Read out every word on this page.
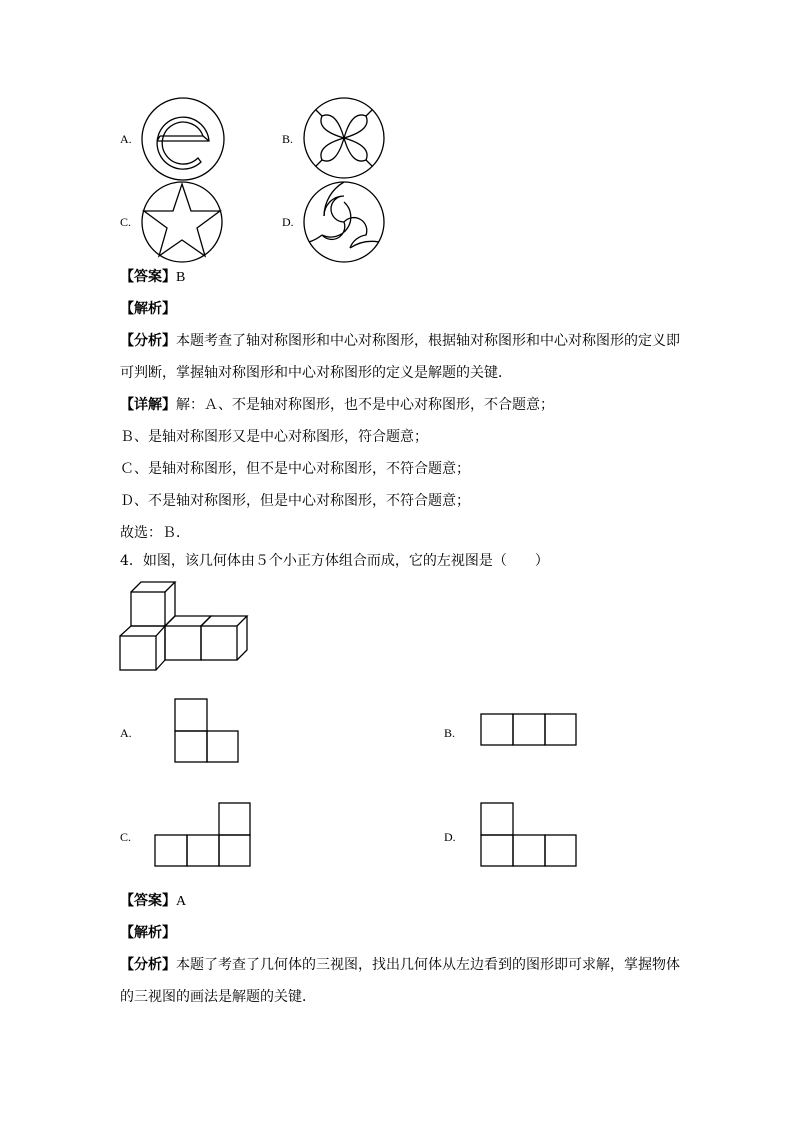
A.	B.
C.	D.
【答案】B
【解析】
【分析】本题考查了轴对称图形和中心对称图形，根据轴对称图形和中心对称图形的定义即
可判断，掌握轴对称图形和中心对称图形的定义是解题的关键．
【详解】解：Ａ、不是轴对称图形，也不是中心对称图形，不合题意；
Ｂ、是轴对称图形又是中心对称图形，符合题意；
Ｃ、是轴对称图形，但不是中心对称图形，不符合题意；
Ｄ、不是轴对称图形，但是中心对称图形，不符合题意；
故选：Ｂ．
4．如图，该几何体由５个小正方体组合而成，它的左视图是（　　）
A.	B.
C.	D.
【答案】A
【解析】
【分析】本题了考查了几何体的三视图，找出几何体从左边看到的图形即可求解，掌握物体
的三视图的画法是解题的关键．
